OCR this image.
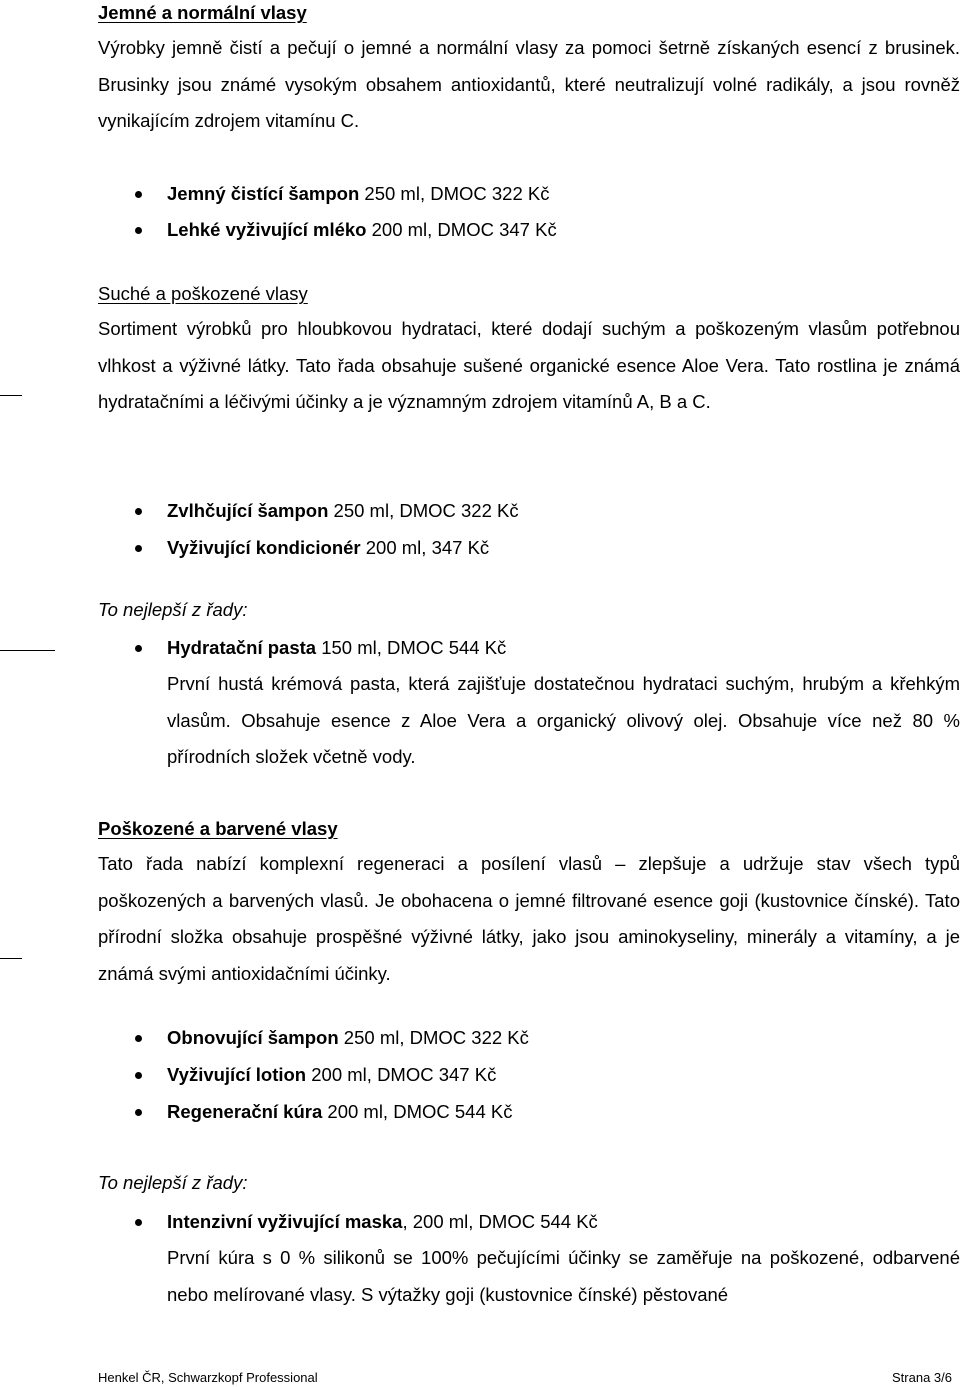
Jemné a normální vlasy
Výrobky jemně čistí a pečují o jemné a normální vlasy za pomoci šetrně získaných esencí z brusinek. Brusinky jsou známé vysokým obsahem antioxidantů, které neutralizují volné radikály, a jsou rovněž vynikajícím zdrojem vitamínu C.
Jemný čistící šampon 250 ml, DMOC 322 Kč
Lehké vyživující mléko 200 ml, DMOC 347 Kč
Suché a poškozené vlasy
Sortiment výrobků pro hloubkovou hydrataci, které dodají suchým a poškozeným vlasům potřebnou vlhkost a výživné látky. Tato řada obsahuje sušené organické esence Aloe Vera. Tato rostlina je známá hydratačními a léčivými účinky a je významným zdrojem vitamínů A, B a C.
Zvlhčující šampon 250 ml, DMOC 322 Kč
Vyživující kondicionér 200 ml, 347 Kč
To nejlepší z řady:
Hydratační pasta 150 ml, DMOC 544 Kč
První hustá krémová pasta, která zajišťuje dostatečnou hydrataci suchým, hrubým a křehkým vlasům. Obsahuje esence z Aloe Vera a organický olivový olej. Obsahuje více než 80 % přírodních složek včetně vody.
Poškozené a barvené vlasy
Tato řada nabízí komplexní regeneraci a posílení vlasů – zlepšuje a udržuje stav všech typů poškozených a barvených vlasů. Je obohacena o jemné filtrované esence goji (kustovnice čínské). Tato přírodní složka obsahuje prospěšné výživné látky, jako jsou aminokyseliny, minerály a vitamíny, a je známá svými antioxidačními účinky.
Obnovující šampon 250 ml, DMOC 322 Kč
Vyživující lotion 200 ml, DMOC 347 Kč
Regenerační kúra 200 ml, DMOC 544 Kč
To nejlepší z řady:
Intenzivní vyživující maska, 200 ml, DMOC 544 Kč
První kúra s 0 % silikonů se 100% pečujícími účinky se zaměřuje na poškozené, odbarvené nebo melírované vlasy. S výtažky goji (kustovnice čínské) pěstované
Henkel ČR, Schwarzkopf Professional	Strana 3/6
